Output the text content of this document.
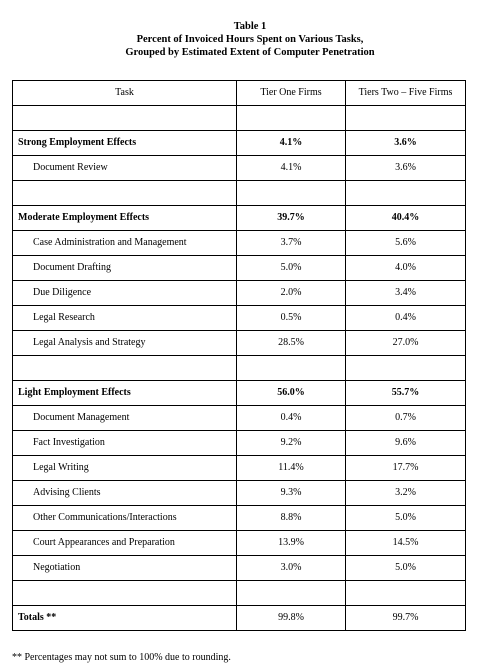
Table 1
Percent of Invoiced Hours Spent on Various Tasks,
Grouped by Estimated Extent of Computer Penetration
Task	Tier One Firms	Tiers Two – Five Firms

Strong Employment Effects	4.1%	3.6%
Document Review	4.1%	3.6%

Moderate Employment Effects	39.7%	40.4%
Case Administration and Management	3.7%	5.6%
Document Drafting	5.0%	4.0%
Due Diligence	2.0%	3.4%
Legal Research	0.5%	0.4%
Legal Analysis and Strategy	28.5%	27.0%

Light Employment Effects	56.0%	55.7%
Document Management	0.4%	0.7%
Fact Investigation	9.2%	9.6%
Legal Writing	11.4%	17.7%
Advising Clients	9.3%	3.2%
Other Communications/Interactions	8.8%	5.0%
Court Appearances and Preparation	13.9%	14.5%
Negotiation	3.0%	5.0%

Totals **	99.8%	99.7%
** Percentages may not sum to 100% due to rounding.
